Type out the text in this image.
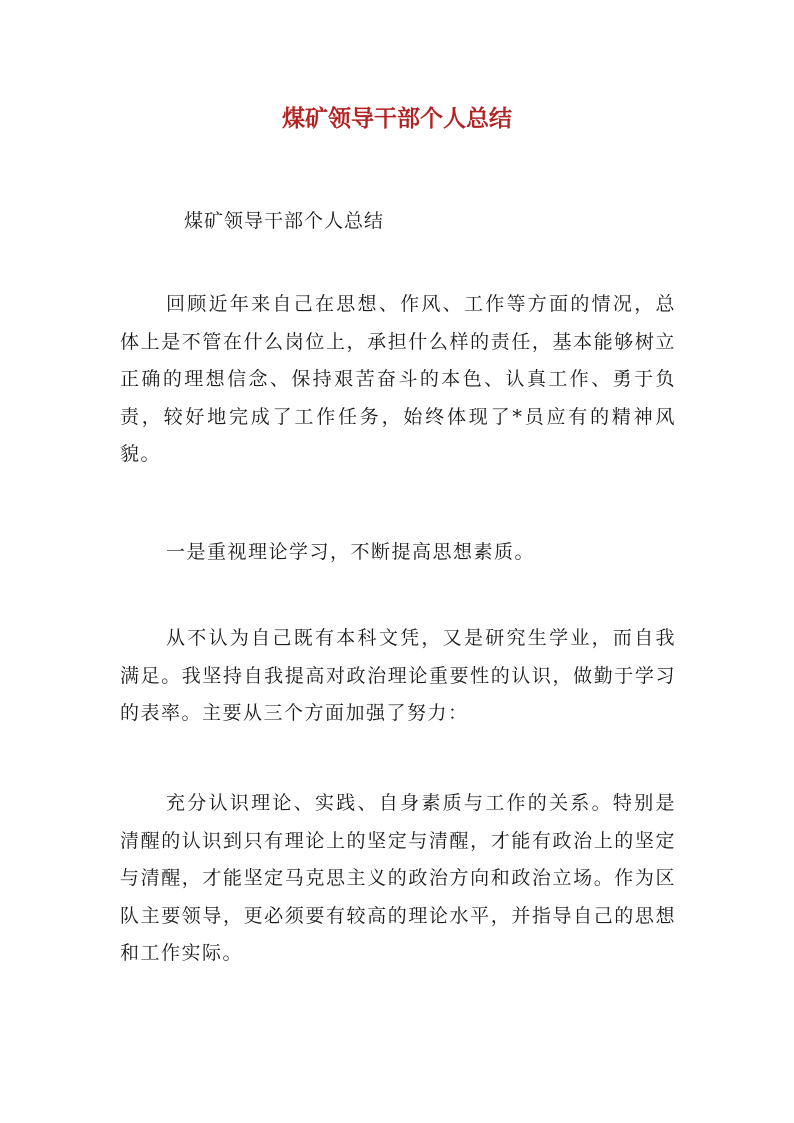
煤矿领导干部个人总结
煤矿领导干部个人总结

回顾近年来自己在思想、作风、工作等方面的情况，总体上是不管在什么岗位上，承担什么样的责任，基本能够树立正确的理想信念、保持艰苦奋斗的本色、认真工作、勇于负责，较好地完成了工作任务，始终体现了*员应有的精神风貌。

一是重视理论学习，不断提高思想素质。

从不认为自己既有本科文凭，又是研究生学业，而自我满足。我坚持自我提高对政治理论重要性的认识，做勤于学习的表率。主要从三个方面加强了努力：

充分认识理论、实践、自身素质与工作的关系。特别是清醒的认识到只有理论上的坚定与清醒，才能有政治上的坚定与清醒，才能坚定马克思主义的政治方向和政治立场。作为区队主要领导，更必须要有较高的理论水平，并指导自己的思想和工作实际。
